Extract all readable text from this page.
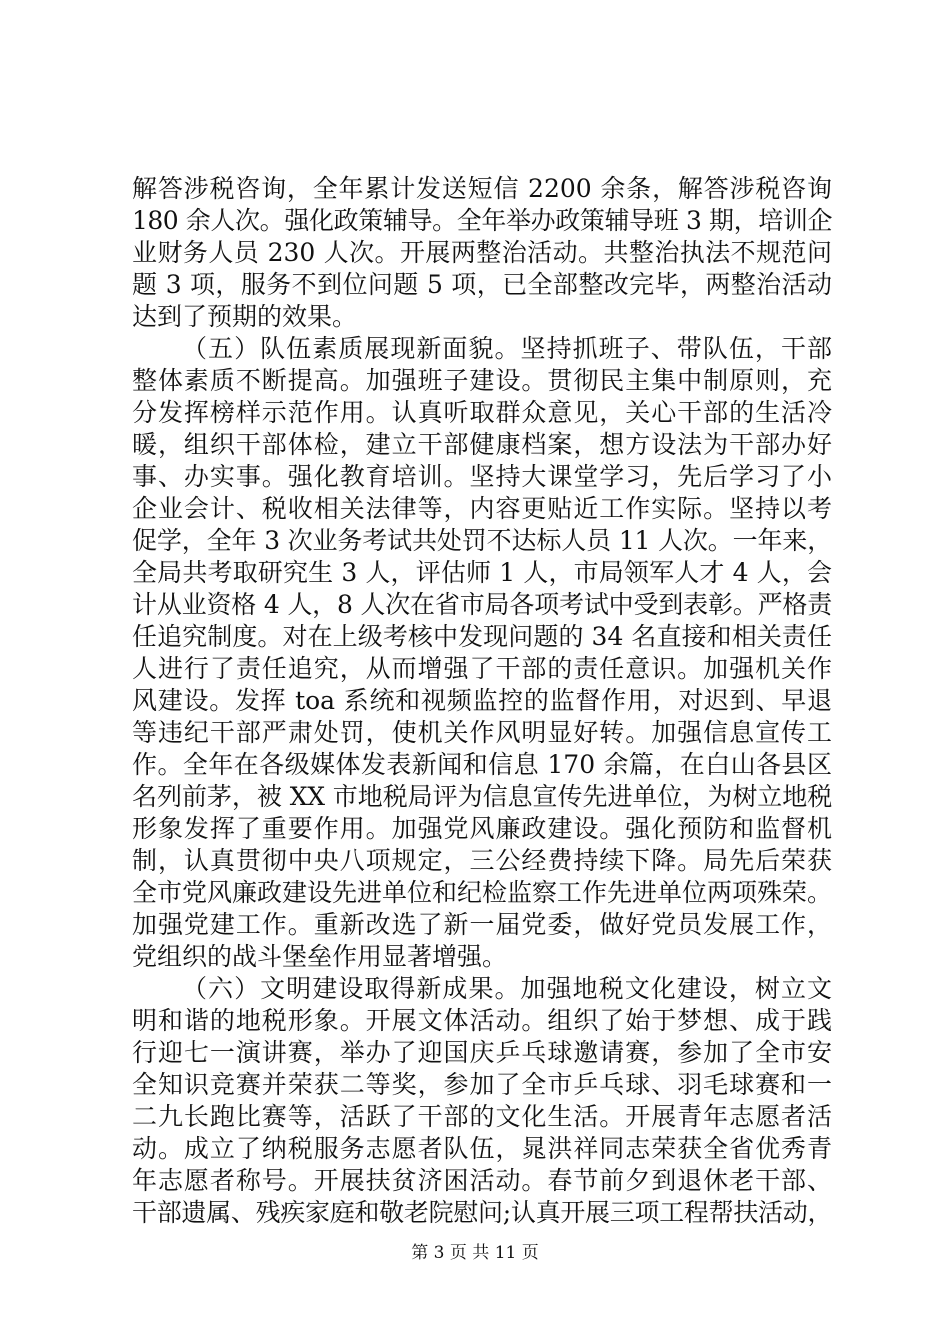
解答涉税咨询，全年累计发送短信 2200 余条，解答涉税咨询
180 余人次。强化政策辅导。全年举办政策辅导班 3 期，培训企
业财务人员 230 人次。开展两整治活动。共整治执法不规范问
题 3 项，服务不到位问题 5 项，已全部整改完毕，两整治活动
达到了预期的效果。
（五）队伍素质展现新面貌。坚持抓班子、带队伍，干部
整体素质不断提高。加强班子建设。贯彻民主集中制原则，充
分发挥榜样示范作用。认真听取群众意见，关心干部的生活冷
暖，组织干部体检，建立干部健康档案，想方设法为干部办好
事、办实事。强化教育培训。坚持大课堂学习，先后学习了小
企业会计、税收相关法律等，内容更贴近工作实际。坚持以考
促学，全年 3 次业务考试共处罚不达标人员 11 人次。一年来，
全局共考取研究生 3 人，评估师 1 人，市局领军人才 4 人，会
计从业资格 4 人，8 人次在省市局各项考试中受到表彰。严格责
任追究制度。对在上级考核中发现问题的 34 名直接和相关责任
人进行了责任追究，从而增强了干部的责任意识。加强机关作
风建设。发挥 toa 系统和视频监控的监督作用，对迟到、早退
等违纪干部严肃处罚，使机关作风明显好转。加强信息宣传工
作。全年在各级媒体发表新闻和信息 170 余篇，在白山各县区
名列前茅，被 XX 市地税局评为信息宣传先进单位，为树立地税
形象发挥了重要作用。加强党风廉政建设。强化预防和监督机
制，认真贯彻中央八项规定，三公经费持续下降。局先后荣获
全市党风廉政建设先进单位和纪检监察工作先进单位两项殊荣。
加强党建工作。重新改选了新一届党委，做好党员发展工作，
党组织的战斗堡垒作用显著增强。
（六）文明建设取得新成果。加强地税文化建设，树立文
明和谐的地税形象。开展文体活动。组织了始于梦想、成于践
行迎七一演讲赛，举办了迎国庆乒乓球邀请赛，参加了全市安
全知识竞赛并荣获二等奖，参加了全市乒乓球、羽毛球赛和一
二九长跑比赛等，活跃了干部的文化生活。开展青年志愿者活
动。成立了纳税服务志愿者队伍，晁洪祥同志荣获全省优秀青
年志愿者称号。开展扶贫济困活动。春节前夕到退休老干部、
干部遗属、残疾家庭和敬老院慰问;认真开展三项工程帮扶活动，
第 3 页 共 11 页
